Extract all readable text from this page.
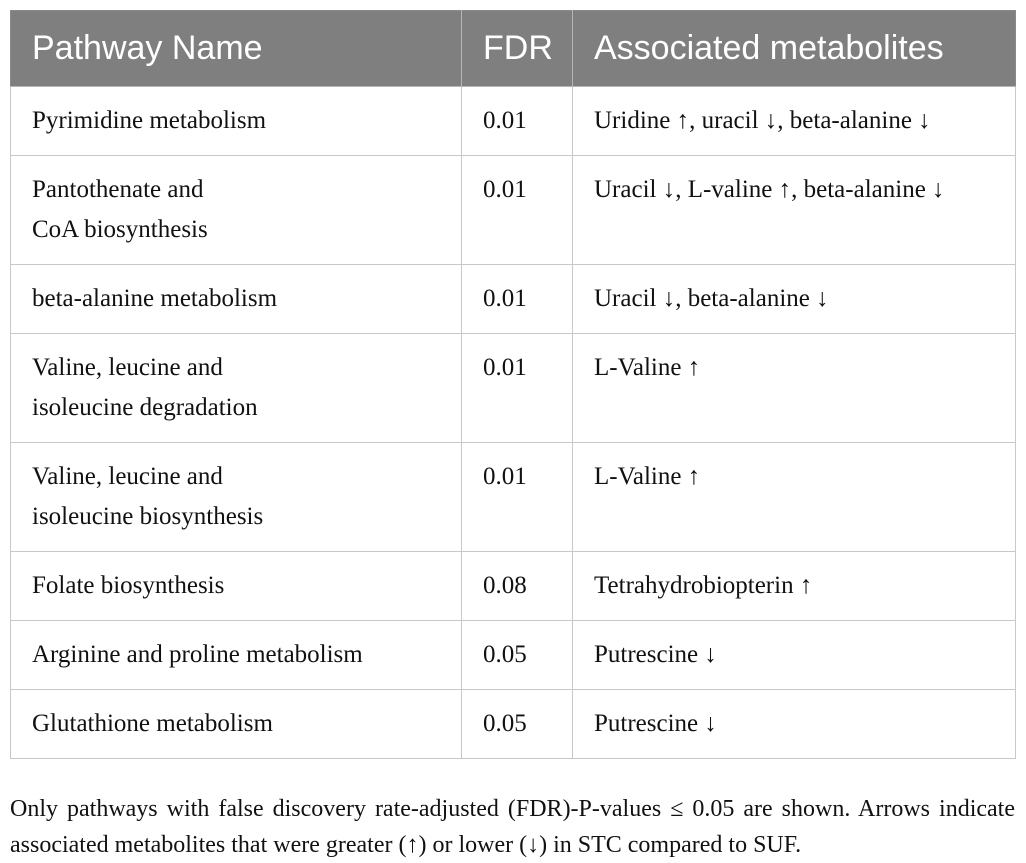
Pathway Name	FDR	Associated metabolites
Pyrimidine metabolism	0.01	Uridine ↑, uracil ↓, beta-alanine ↓
Pantothenate and
CoA biosynthesis	0.01	Uracil ↓, L-valine ↑, beta-alanine ↓
beta-alanine metabolism	0.01	Uracil ↓, beta-alanine ↓
Valine, leucine and
isoleucine degradation	0.01	L-Valine ↑
Valine, leucine and
isoleucine biosynthesis	0.01	L-Valine ↑
Folate biosynthesis	0.08	Tetrahydrobiopterin ↑
Arginine and proline metabolism	0.05	Putrescine ↓
Glutathione metabolism	0.05	Putrescine ↓

Only pathways with false discovery rate-adjusted (FDR)-P-values ≤ 0.05 are shown. Arrows indicate associated metabolites that were greater (↑) or lower (↓) in STC compared to SUF.
